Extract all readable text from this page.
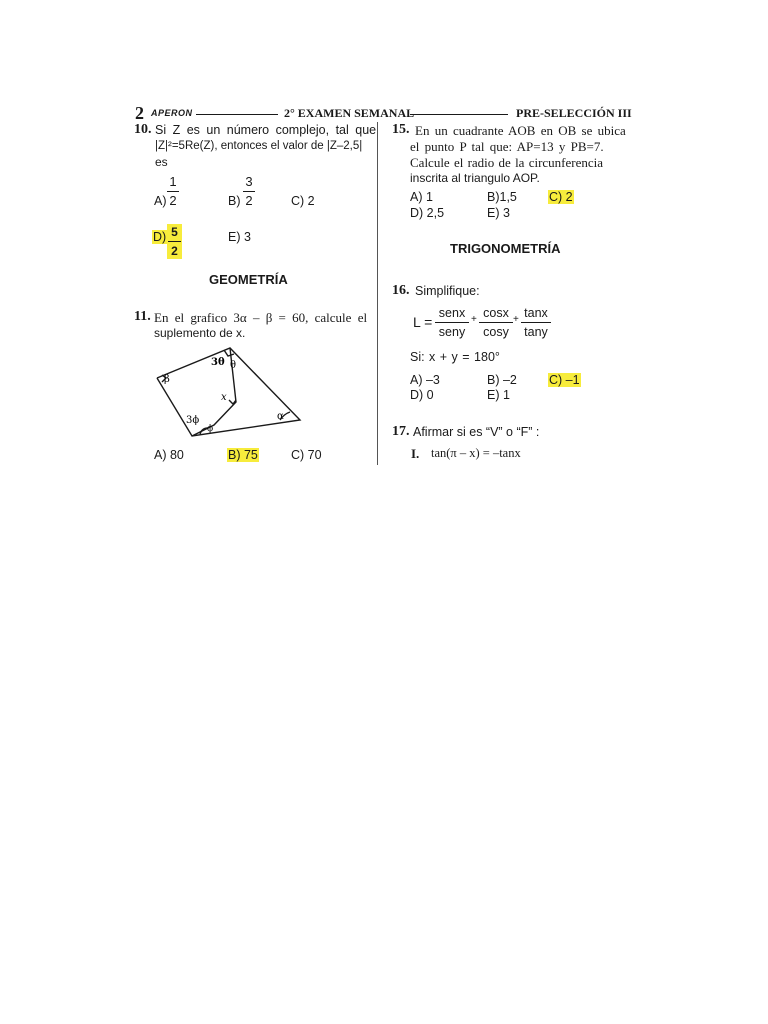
2 APERON	2° EXAMEN SEMANAL	PRE-SELECCIÓN III
10. Si Z es un número complejo, tal que
|Z|²=5Re(Z), entonces el valor de |Z–2,5|
es
A)
1
2	B)
3
2	C) 2
D) 5
2
E) 3
GEOMETRÍA
11. En el grafico 3α – β = 60, calcule el
suplemento de x.
β
3θ θ
x
α
3ϕ
ϕ
A) 80	B) 75	C) 70
15. En un cuadrante AOB en OB se ubica
el punto P tal que: AP=13 y PB=7.
Calcule el radio de la circunferencia
inscrita al triangulo AOP.
A) 1	B)1,5	C) 2
D) 2,5	E) 3
TRIGONOMETRÍA
16. Simplifique:
L =
senx
seny
+ cosx
cosy
+ tanx
tany
Si: x + y = 180°
A) –3	B) –2	C) –1
D) 0	E) 1
17. Afirmar si es “V” o “F” :
I. tan(π – x) = –tanx
